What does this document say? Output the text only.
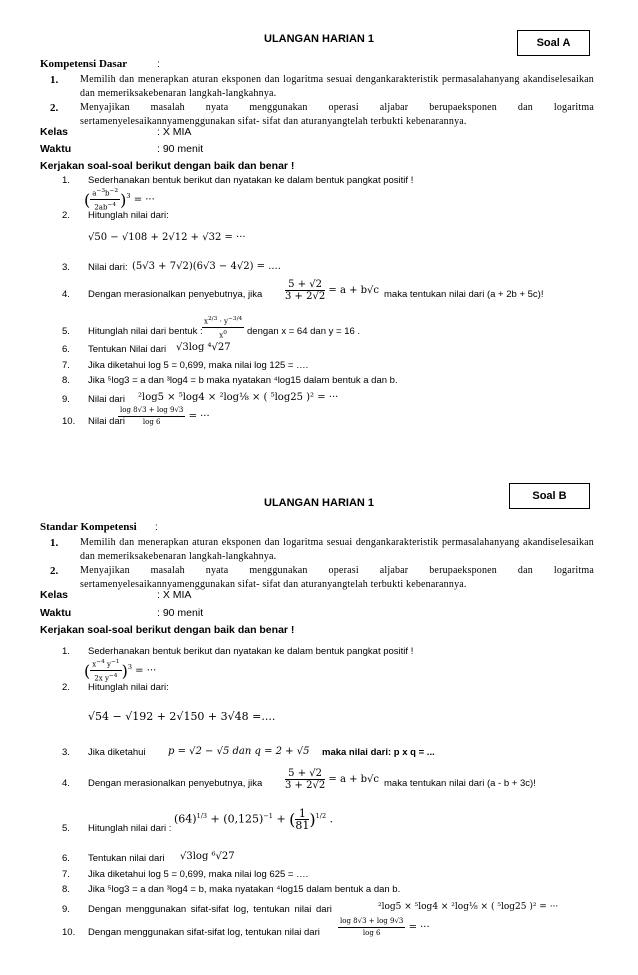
Soal A
ULANGAN HARIAN 1
Kompetensi Dasar	:
1. Memilih dan menerapkan aturan eksponen dan logaritma sesuai dengankarakteristik permasalahanyang akandiselesaikan dan memeriksakebenaran langkah-langkahnya.
2. Menyajikan masalah nyata menggunakan operasi aljabar berupaeksponen dan logaritma sertamenyelesaikannyamenggunakan sifat- sifat dan aturanyangtelah terbukti kebenarannya.
Kelas	: X MIA
Waktu	: 90 menit
Kerjakan soal-soal berikut dengan baik dan benar !
1.	Sederhanakan bentuk berikut dan nyatakan ke dalam bentuk pangkat positif !
( $\frac{a^{-3}b^{-2}}{2ab^{-4}} )^3$ = ···
2.	Hitunglah nilai dari:
√50 − √108 + 2√12 + √32 = ···
3.	Nilai dari: (5√3 + 7√2)(6√3 − 4√2) = ....
4.	Dengan merasionalkan penyebutnya, jika $\frac{5 + √2}{3 + 2√2} = a + b√c$ maka tentukan nilai dari (a + 2b + 5c)!
5.	Hitunglah nilai dari bentuk : $\frac{x^{2/3} \cdot y^{-3/4}}{x^0}$ dengan x = 64 dan y = 16 .
6.	Tentukan Nilai dari √3log ⁴√27
7.	Jika diketahui log 5 = 0,699, maka nilai log 125 = ….
8.	Jika ⁵log3 = a dan ³log4 = b maka nyatakan ⁴log15 dalam bentuk a dan b.
9.	Nilai dari ²log5 × ⁵log4 × ²log⅛ × ( ⁵log25 )² = ···
10.	Nilai dari
$\frac{\log 8√3 + \log 9√3}{\log 6}$ = ···
Soal B
ULANGAN HARIAN 1
Standar Kompetensi :
1. Memilih dan menerapkan aturan eksponen dan logaritma sesuai dengankarakteristik permasalahanyang akandiselesaikan dan memeriksakebenaran langkah-langkahnya.
2. Menyajikan masalah nyata menggunakan operasi aljabar berupaeksponen dan logaritma sertamenyelesaikannyamenggunakan sifat- sifat dan aturanyangtelah terbukti kebenarannya.
Kelas	: X MIA
Waktu	: 90 menit
Kerjakan soal-soal berikut dengan baik dan benar !
1.	Sederhanakan bentuk berikut dan nyatakan ke dalam bentuk pangkat positif !
( $\frac{x^{-4} y^{-1}}{2x y^{-4}} )^3$ = ···
2.	Hitunglah nilai dari:
√54 − √192 + 2√150 + 3√48 =....
3.	Jika diketahui p = √2 − √5 dan q = 2 + √5 maka nilai dari: p x q = ...
4.	Dengan merasionalkan penyebutnya, jika $\frac{5 + √2}{3 + 2√2} = a + b√c$ maka tentukan nilai dari (a - b + 3c)!
5.	Hitunglah nilai dari :
$(64)^{1/3} + (0,125)^{-1}$ + ( $\frac{1}{81} )^{1/2}$ .
6.	Tentukan nilai dari √3log ⁶√27
7.	Jika diketahui log 5 = 0,699, maka nilai log 625 = ….
8.	Jika ⁵log3 = a dan ³log4 = b, maka nyatakan ⁴log15 dalam bentuk a dan b.
9.	Dengan menggunakan sifat-sifat log, tentukan nilai dari	²log5 × ⁵log4 × ²log⅛ × ( ⁵log25 )² = ···
10.	Dengan menggunakan sifat-sifat log, tentukan nilai dari	$\frac{\log 8√3 + \log 9√3}{\log 6}$ = ···
